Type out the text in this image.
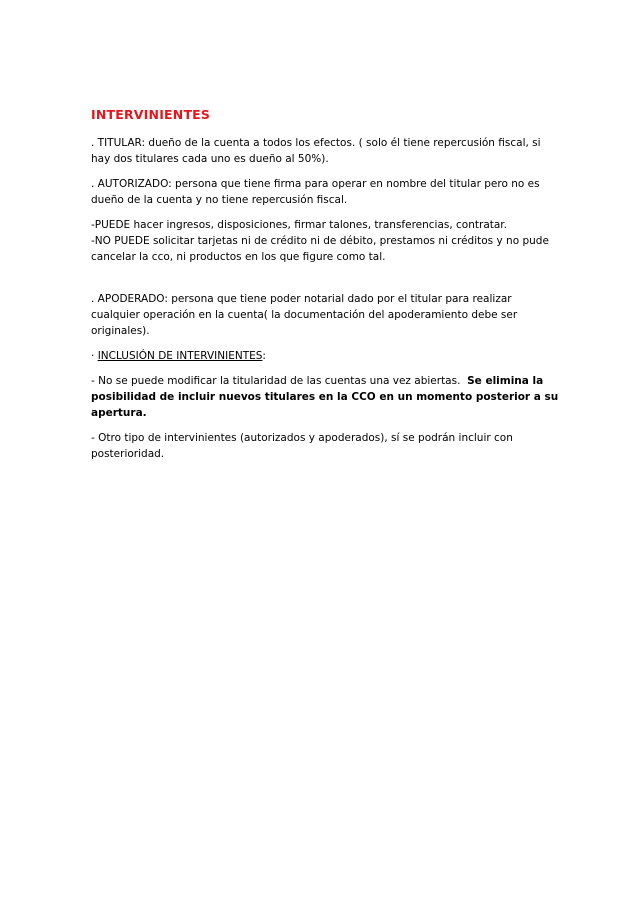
INTERVINIENTES

. TITULAR: dueño de la cuenta a todos los efectos. ( solo él tiene repercusión fiscal, si hay dos titulares cada uno es dueño al 50%).

. AUTORIZADO: persona que tiene firma para operar en nombre del titular pero no es dueño de la cuenta y no tiene repercusión fiscal.

-PUEDE hacer ingresos, disposiciones, firmar talones, transferencias, contratar.

-NO PUEDE solicitar tarjetas ni de crédito ni de débito, prestamos ni créditos y no pude cancelar la cco, ni productos en los que figure como tal.

. APODERADO: persona que tiene poder notarial dado por el titular para realizar cualquier operación en la cuenta( la documentación del apoderamiento debe ser originales).

· INCLUSIÓN DE INTERVINIENTES:

- No se puede modificar la titularidad de las cuentas una vez abiertas.  Se elimina la posibilidad de incluir nuevos titulares en la CCO en un momento posterior a su apertura.

- Otro tipo de intervinientes (autorizados y apoderados), sí se podrán incluir con posterioridad.
